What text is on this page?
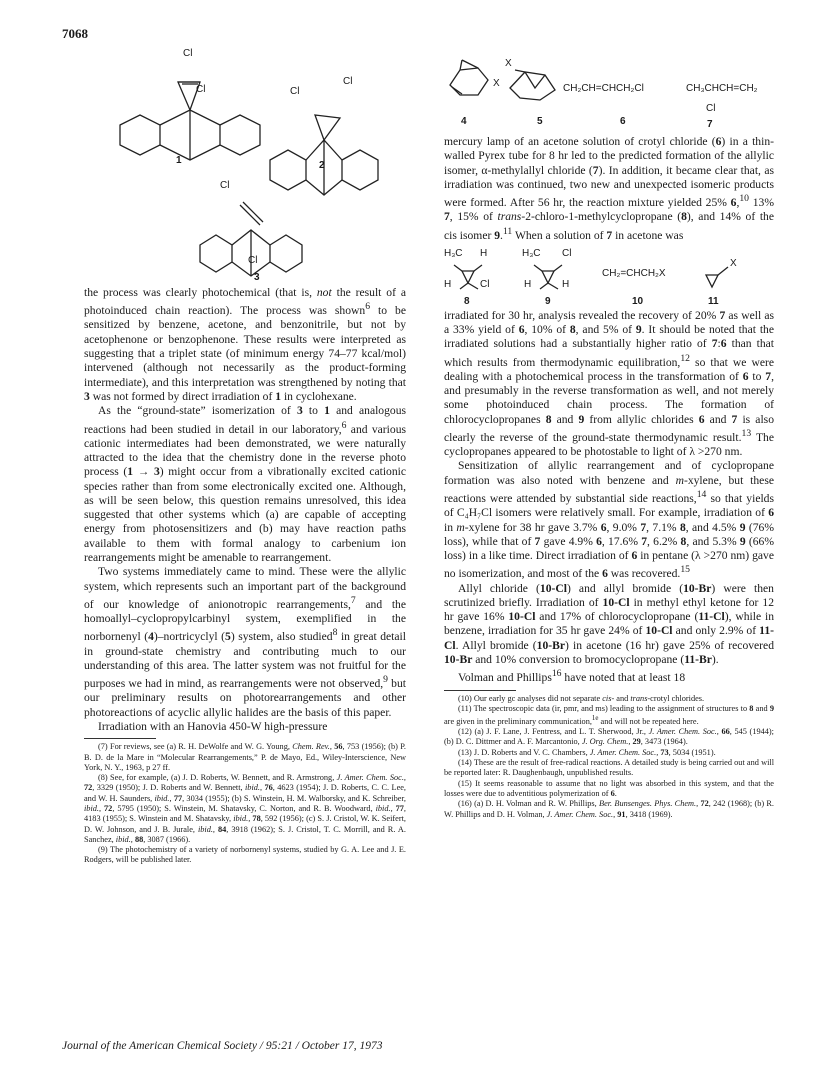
7068
Cl
Cl	Cl
Cl
Cl
Cl
1	2
3
X
X
CH₂CH=CHCH₂Cl	CH₃CHCH=CH₂
Cl
4	5	6	7

the process was clearly photochemical (that is, not the result of a photoinduced chain reaction). The process was shown$^6$ to be sensitized by benzene, acetone, and benzonitrile, but not by acetophenone or benzophenone. These results were interpreted as suggesting that a triplet state (of minimum energy 74–77 kcal/mol) intervened (although not necessarily as the product-forming intermediate), and this interpretation was strengthened by noting that 3 was not formed by direct irradiation of 1 in cyclohexane.

As the “ground-state” isomerization of 3 to 1 and analogous reactions had been studied in detail in our laboratory,$^6$ and various cationic intermediates had been demonstrated, we were naturally attracted to the idea that the chemistry done in the reverse photo process (1 → 3) might occur from a vibrationally excited cationic species rather than from some electronically excited one. Although, as will be seen below, this question remains unresolved, this idea suggested that other systems which (a) are capable of accepting energy from photosensitizers and (b) may have reaction paths available to them with formal analogy to carbenium ion rearrangements might be amenable to rearrangement.

Two systems immediately came to mind. These were the allylic system, which represents such an important part of the background of our knowledge of anionotropic rearrangements,$^7$ and the homoallyl–cyclopropylcarbinyl system, exemplified in the norbornenyl (4)–nortricyclyl (5) system, also studied$^8$ in great detail in ground-state chemistry and contributing much to our understanding of this area. The latter system was not fruitful for the purposes we had in mind, as rearrangements were not observed,$^9$ but our preliminary results on photorearrangements and other photoreactions of acyclic allylic halides are the basis of this paper.

Irradiation with an Hanovia 450-W high-pressure

(7) For reviews, see (a) R. H. DeWolfe and W. G. Young, Chem. Rev., 56, 753 (1956); (b) P. B. D. de la Mare in “Molecular Rearrangements,” P. de Mayo, Ed., Wiley-Interscience, New York, N. Y., 1963, p 27 ff.

(8) See, for example, (a) J. D. Roberts, W. Bennett, and R. Armstrong, J. Amer. Chem. Soc., 72, 3329 (1950); J. D. Roberts and W. Bennett, ibid., 76, 4623 (1954); J. D. Roberts, C. C. Lee, and W. H. Saunders, ibid., 77, 3034 (1955); (b) S. Winstein, H. M. Walborsky, and K. Schreiber, ibid., 72, 5795 (1950); S. Winstein, M. Shatavsky, C. Norton, and R. B. Woodward, ibid., 77, 4183 (1955); S. Winstein and M. Shatavsky, ibid., 78, 592 (1956); (c) S. J. Cristol, W. K. Seifert, D. W. Johnson, and J. B. Jurale, ibid., 84, 3918 (1962); S. J. Cristol, T. C. Morrill, and R. A. Sanchez, ibid., 88, 3087 (1966).

(9) The photochemistry of a variety of norbornenyl systems, studied by G. A. Lee and J. E. Rodgers, will be published later.

mercury lamp of an acetone solution of crotyl chloride (6) in a thin-walled Pyrex tube for 8 hr led to the predicted formation of the allylic isomer, α-methylallyl chloride (7). In addition, it became clear that, as irradiation was continued, two new and unexpected isomeric products were formed. After 56 hr, the reaction mixture yielded 25% 6,10 13% 7, 15% of trans-2-chloro-1-methylcyclopropane (8), and 14% of the cis isomer 9.11 When a solution of 7 in acetone was

H₃C H
H	Cl
H₃C Cl
H	H
CH₂=CHCH₂X
X
8	9	10	11

irradiated for 30 hr, analysis revealed the recovery of 20% 7 as well as a 33% yield of 6, 10% of 8, and 5% of 9. It should be noted that the irradiated solutions had a substantially higher ratio of 7:6 than that which results from thermodynamic equilibration,$^{12}$ so that we were dealing with a photochemical process in the transformation of 6 to 7, and presumably in the reverse transformation as well, and not merely some photoinduced chain process. The formation of chlorocyclopropanes 8 and 9 from allylic chlorides 6 and 7 is also clearly the reverse of the ground-state thermodynamic result.$^{13}$ The cyclopropanes appeared to be photostable to light of λ >270 nm.

Sensitization of allylic rearrangement and of cyclopropane formation was also noted with benzene and m-xylene, but these reactions were attended by substantial side reactions,$^{14}$ so that yields of C₄H₇Cl isomers were relatively small. For example, irradiation of 6 in m-xylene for 38 hr gave 3.7% 6, 9.0% 7, 7.1% 8, and 4.5% 9 (76% loss), while that of 7 gave 4.9% 6, 17.6% 7, 6.2% 8, and 5.3% 9 (66% loss) in a like time. Direct irradiation of 6 in pentane (λ >270 nm) gave no isomerization, and most of the 6 was recovered.$^{15}$

Allyl chloride (10-Cl) and allyl bromide (10-Br) were then scrutinized briefly. Irradiation of 10-Cl in methyl ethyl ketone for 12 hr gave 16% 10-Cl and 17% of chlorocyclopropane (11-Cl), while in benzene, irradiation for 35 hr gave 24% of 10-Cl and only 2.9% of 11-Cl. Allyl bromide (10-Br) in acetone (16 hr) gave 25% of recovered 10-Br and 10% conversion to bromocyclopropane (11-Br).

Volman and Phillips$^{16}$ have noted that at least 18

(10) Our early gc analyses did not separate cis- and trans-crotyl chlorides.

(11) The spectroscopic data (ir, pmr, and ms) leading to the assignment of structures to 8 and 9 are given in the preliminary communication,$^{1e}$ and will not be repeated here.

(12) (a) J. F. Lane, J. Fentress, and L. T. Sherwood, Jr., J. Amer. Chem. Soc., 66, 545 (1944); (b) D. C. Dittmer and A. F. Marcantonio, J. Org. Chem., 29, 3473 (1964).

(13) J. D. Roberts and V. C. Chambers, J. Amer. Chem. Soc., 73, 5034 (1951).

(14) These are the result of free-radical reactions. A detailed study is being carried out and will be reported later: R. Daughenbaugh, unpublished results.

(15) It seems reasonable to assume that no light was absorbed in this system, and that the losses were due to adventitious polymerization of 6.

(16) (a) D. H. Volman and R. W. Phillips, Ber. Bunsenges. Phys. Chem., 72, 242 (1968); (b) R. W. Phillips and D. H. Volman, J. Amer. Chem. Soc., 91, 3418 (1969).

Journal of the American Chemical Society / 95:21 / October 17, 1973
